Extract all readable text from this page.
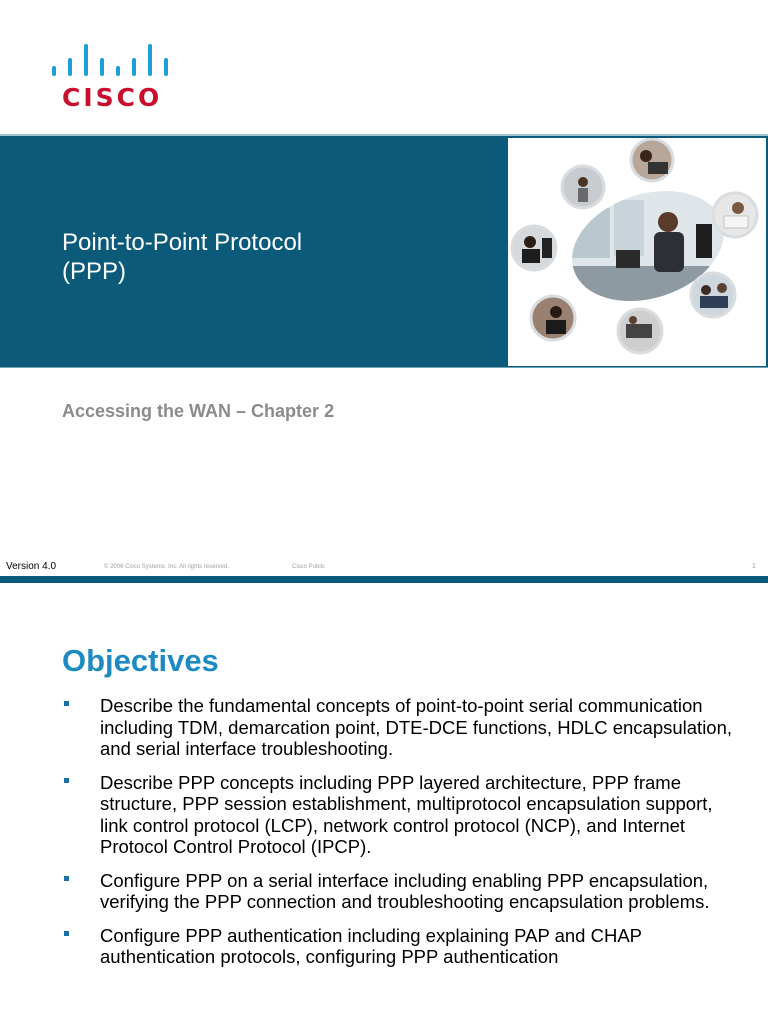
CISCO
Point-to-Point Protocol
(PPP)
Accessing the WAN – Chapter 2
Version 4.0	© 2006 Cisco Systems, Inc. All rights reserved.	Cisco Public	1
Objectives
Describe the fundamental concepts of point-to-point serial communication including TDM, demarcation point, DTE-DCE functions, HDLC encapsulation, and serial interface troubleshooting.
Describe PPP concepts including PPP layered architecture, PPP frame structure, PPP session establishment, multiprotocol encapsulation support, link control protocol (LCP), network control protocol (NCP), and Internet Protocol Control Protocol (IPCP).
Configure PPP on a serial interface including enabling PPP encapsulation, verifying the PPP connection and troubleshooting encapsulation problems.
Configure PPP authentication including explaining PAP and CHAP authentication protocols, configuring PPP authentication
